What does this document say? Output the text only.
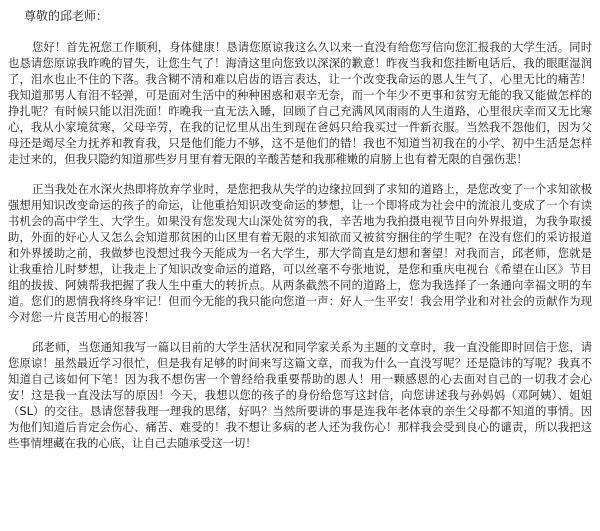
尊敬的邱老师：

您好！首先祝您工作顺利，身体健康！恳请您原谅我这么久以来一直没有给您写信向您汇报我的大学生活。同时也恳请您原谅我昨晚的冒失，让您生气了！海清这里向您致以深深的歉意！昨夜当我和您挂断电话后，我的眼眶湿润了，泪水也止不住的下落。我含糊不清和难以启齿的语言表达，让一个改变我命运的恩人生气了，心里无比的痛苦！我知道那男人有泪不轻弹，可是面对生活中的种种困惑和艰辛无奈，而一个年少不更事和贫穷无能的我又能做怎样的挣扎呢？有时候只能以泪洗面！昨晚我一直无法入睡，回顾了自己充满风风雨雨的人生道路，心里很庆幸而又无比寒心，我从小家境贫寒，父母辛劳，在我的记忆里从出生到现在爸妈只给我买过一件新衣服。当然我不怨他们，因为父母还是竭尽全力抚养和教育我，只是他们能力不够，这不是他们的错！我也不知道当初我在的小学、初中生活是怎样走过来的，但我只隐约知道那些岁月里有着无限的辛酸苦楚和我那稚嫩的肩膀上也有着无限的自强伤悲！

正当我处在水深火热即将放弃学业时，是您把我从失学的边缘拉回到了求知的道路上，是您改变了一个求知欲极强想用知识改变命运的孩子的命运，让他重拾知识改变命运的梦想，让一个即将成为社会中的流浪儿变成了一个有读书机会的高中学生、大学生。如果没有您发现大山深处贫穷的我，辛苦地为我拍摄电视节目向外界报道，为我争取援助，外面的好心人又怎么会知道那贫困的山区里有着无限的求知欲而又被贫穷捆住的学生呢？在没有您们的采访报道和外界援助之前，我做梦也没想过我今天能成为一名大学生，那大学简直是幻想和奢望！对我而言，邱老师，您就是让我重拾儿时梦想，让我走上了知识改变命运的道路，可以丝毫不夸张地说，是您和重庆电视台《希望在山区》节目组的拔拔、阿姨帮我把握了我人生中重大的转折点。从两条截然不同的道路上，您为我选择了一条通向幸福文明的车道。您们的恩情我将终身牢记！但而今无能的我只能向您道一声：好人一生平安！我会用学业和对社会的贡献作为现今对您一片良苦用心的报答！

邱老师，当您通知我写一篇以目前的大学生活状况和同学家关系为主题的文章时，我一直没能即时回信于您，请您原谅！虽然最近学习很忙，但是我有足够的时间来写这篇文章，而我为什么一直没写呢？还是隐讳的写呢？我真不知道自己该如何下笔！因为我不想伤害一个曾经给我重要帮助的恩人！用一颗感恩的心去面对自己的一切我才会心安！这是我一直没法写的原因！今天，我想以您的孩子的身份给您写这封信，向您讲述我与孙妈妈（邓阿姨）、姐姐（SL）的交往。恳请您替我理一理我的思绪，好吗？当然所要讲的事是连我年老体衰的亲生父母都不知道的事情。因为他们知道后肯定会伤心、痛苦、难受的！我不想让多病的老人还为我伤心！那样我会受到良心的谴责，所以我把这些事情埋藏在我的心底，让自己去随承受这一切！
